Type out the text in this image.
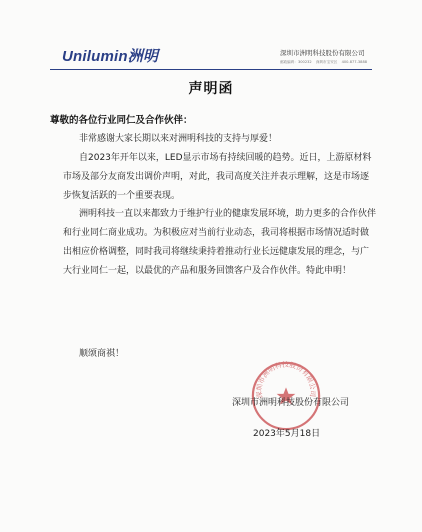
Unilumin洲明	深圳市洲明科技股份有限公司
邮政编码：300232 深圳市宝安区 400-877-3888
声明函
尊敬的各位行业同仁及合作伙伴：
非常感谢大家长期以来对洲明科技的支持与厚爱！
自2023年开年以来，LED显示市场有持续回暖的趋势。近日，上游原材料市场及部分友商发出调价声明，对此，我司高度关注并表示理解，这是市场逐步恢复活跃的一个重要表现。
洲明科技一直以来都致力于维护行业的健康发展环境，助力更多的合作伙伴和行业同仁商业成功。为积极应对当前行业动态，我司将根据市场情况适时做出相应价格调整，同时我司将继续秉持着推动行业长远健康发展的理念，与广大行业同仁一起，以最优的产品和服务回馈客户及合作伙伴。特此申明！
顺颂商祺！
深圳市洲明科技股份有限公司
深圳市洲明科技股份有限公司
2023年5月18日
